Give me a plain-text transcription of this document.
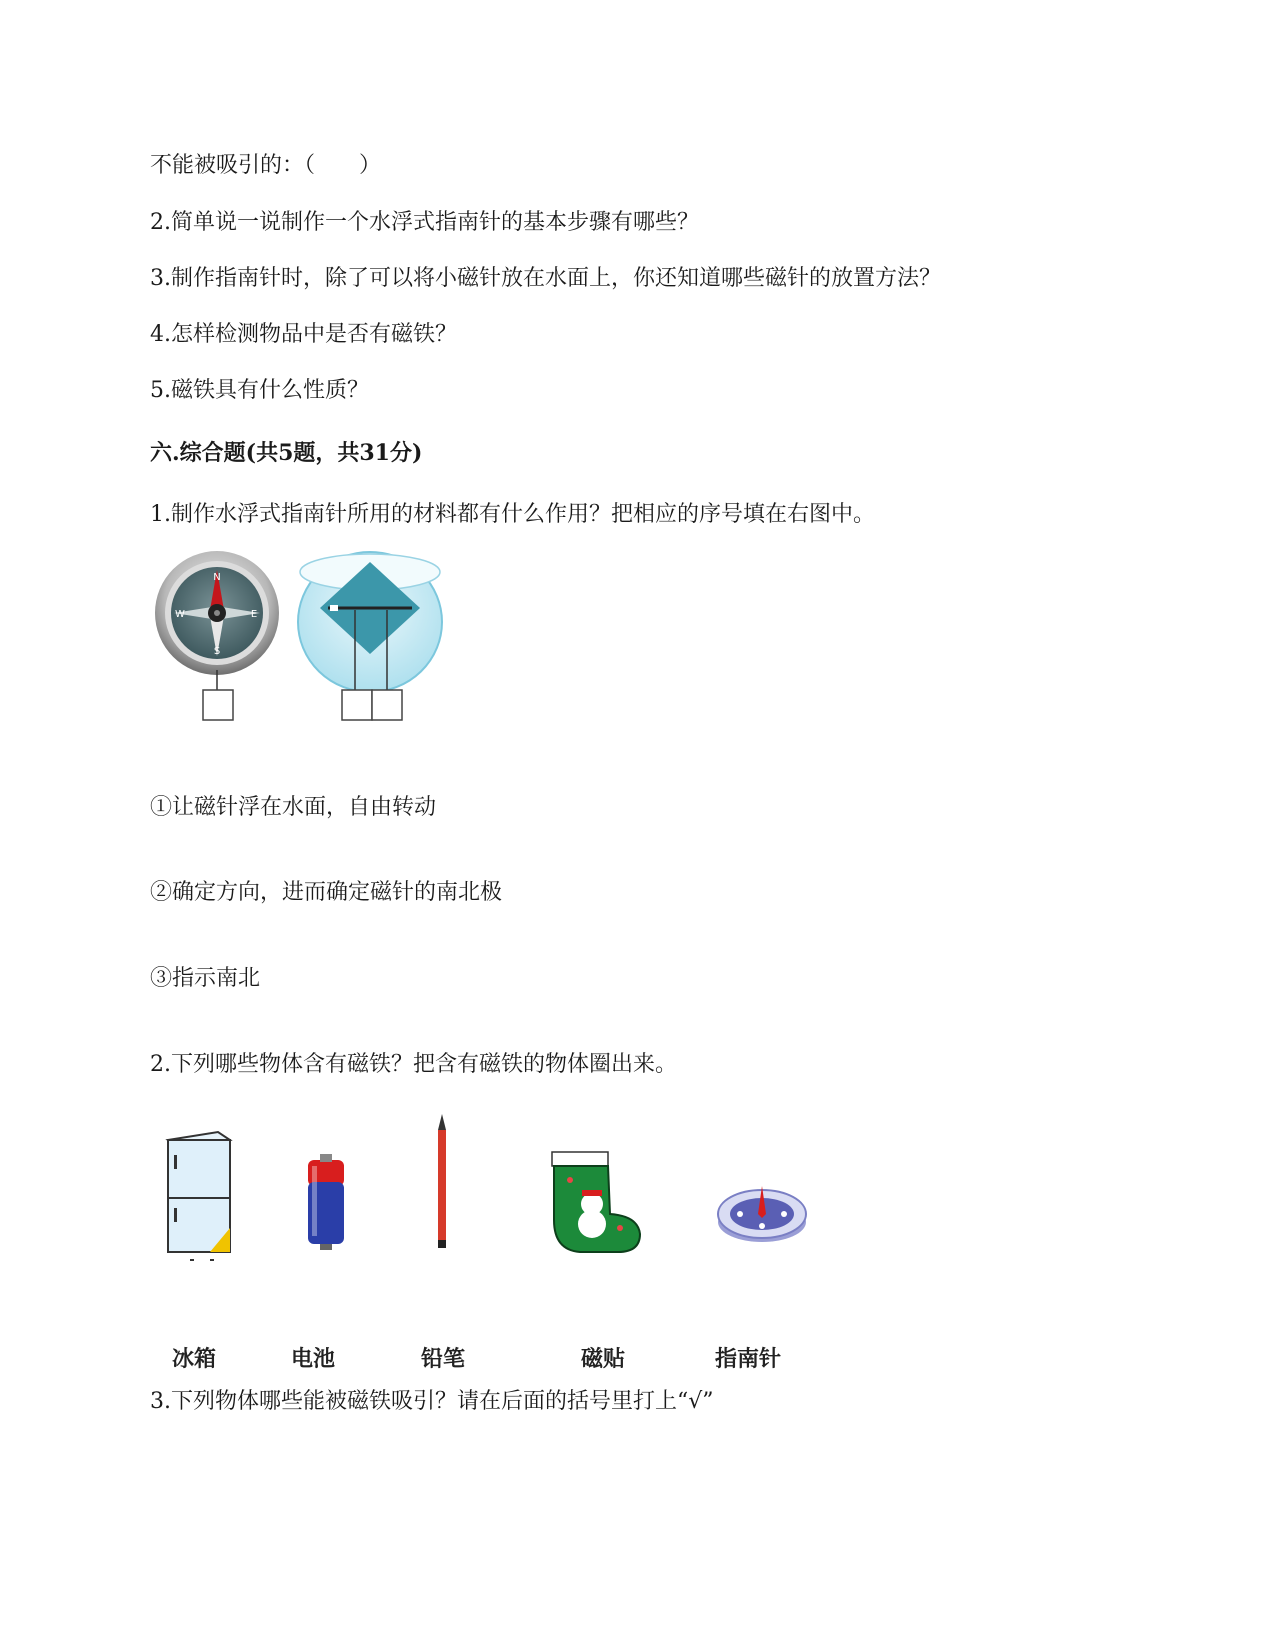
不能被吸引的：（　　）
2.简单说一说制作一个水浮式指南针的基本步骤有哪些？
3.制作指南针时，除了可以将小磁针放在水面上，你还知道哪些磁针的放置方法？
4.怎样检测物品中是否有磁铁？
5.磁铁具有什么性质？
六.综合题(共5题，共31分)
1.制作水浮式指南针所用的材料都有什么作用？把相应的序号填在右图中。
N
E
S
W
①让磁针浮在水面，自由转动
②确定方向，进而确定磁针的南北极
③指示南北
2.下列哪些物体含有磁铁？把含有磁铁的物体圈出来。
冰箱	电池	铅笔	磁贴	指南针
3.下列物体哪些能被磁铁吸引？请在后面的括号里打上“√”
